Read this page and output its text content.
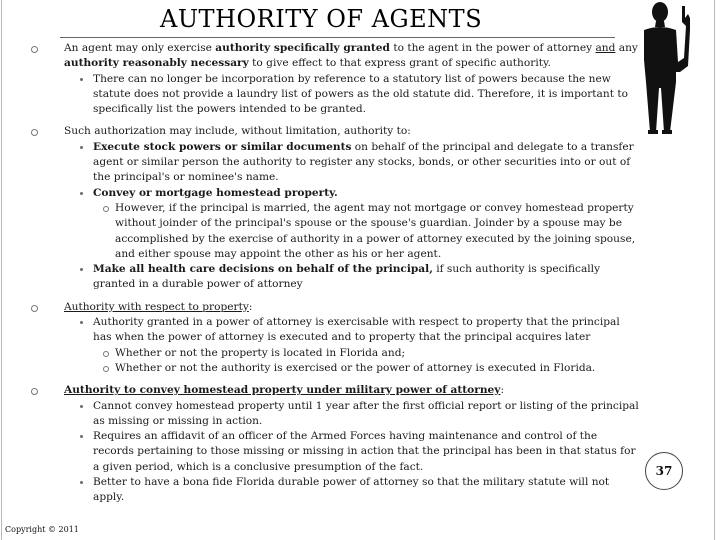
AUTHORITY OF AGENTS
An agent may only exercise authority specifically granted to the agent in the power of attorney and any authority reasonably necessary to give effect to that express grant of specific authority.
There can no longer be incorporation by reference to a statutory list of powers because the new statute does not provide a laundry list of powers as the old statute did. Therefore, it is important to specifically list the powers intended to be granted.
Such authorization may include, without limitation, authority to:
Execute stock powers or similar documents on behalf of the principal and delegate to a transfer agent or similar person the authority to register any stocks, bonds, or other securities into or out of the principal's or nominee's name.
Convey or mortgage homestead property.
However, if the principal is married, the agent may not mortgage or convey homestead property without joinder of the principal's spouse or the spouse's guardian. Joinder by a spouse may be accomplished by the exercise of authority in a power of attorney executed by the joining spouse, and either spouse may appoint the other as his or her agent.
Make all health care decisions on behalf of the principal, if such authority is specifically granted in a durable power of attorney
Authority with respect to property:
Authority granted in a power of attorney is exercisable with respect to property that the principal has when the power of attorney is executed and to property that the principal acquires later
Whether or not the property is located in Florida and;
Whether or not the authority is exercised or the power of attorney is executed in Florida.
Authority to convey homestead property under military power of attorney:
Cannot convey homestead property until 1 year after the first official report or listing of the principal as missing or missing in action.
Requires an affidavit of an officer of the Armed Forces having maintenance and control of the records pertaining to those missing or missing in action that the principal has been in that status for a given period, which is a conclusive presumption of the fact.
Better to have a bona fide Florida durable power of attorney so that the military statute will not apply.
37
Copyright © 2011
